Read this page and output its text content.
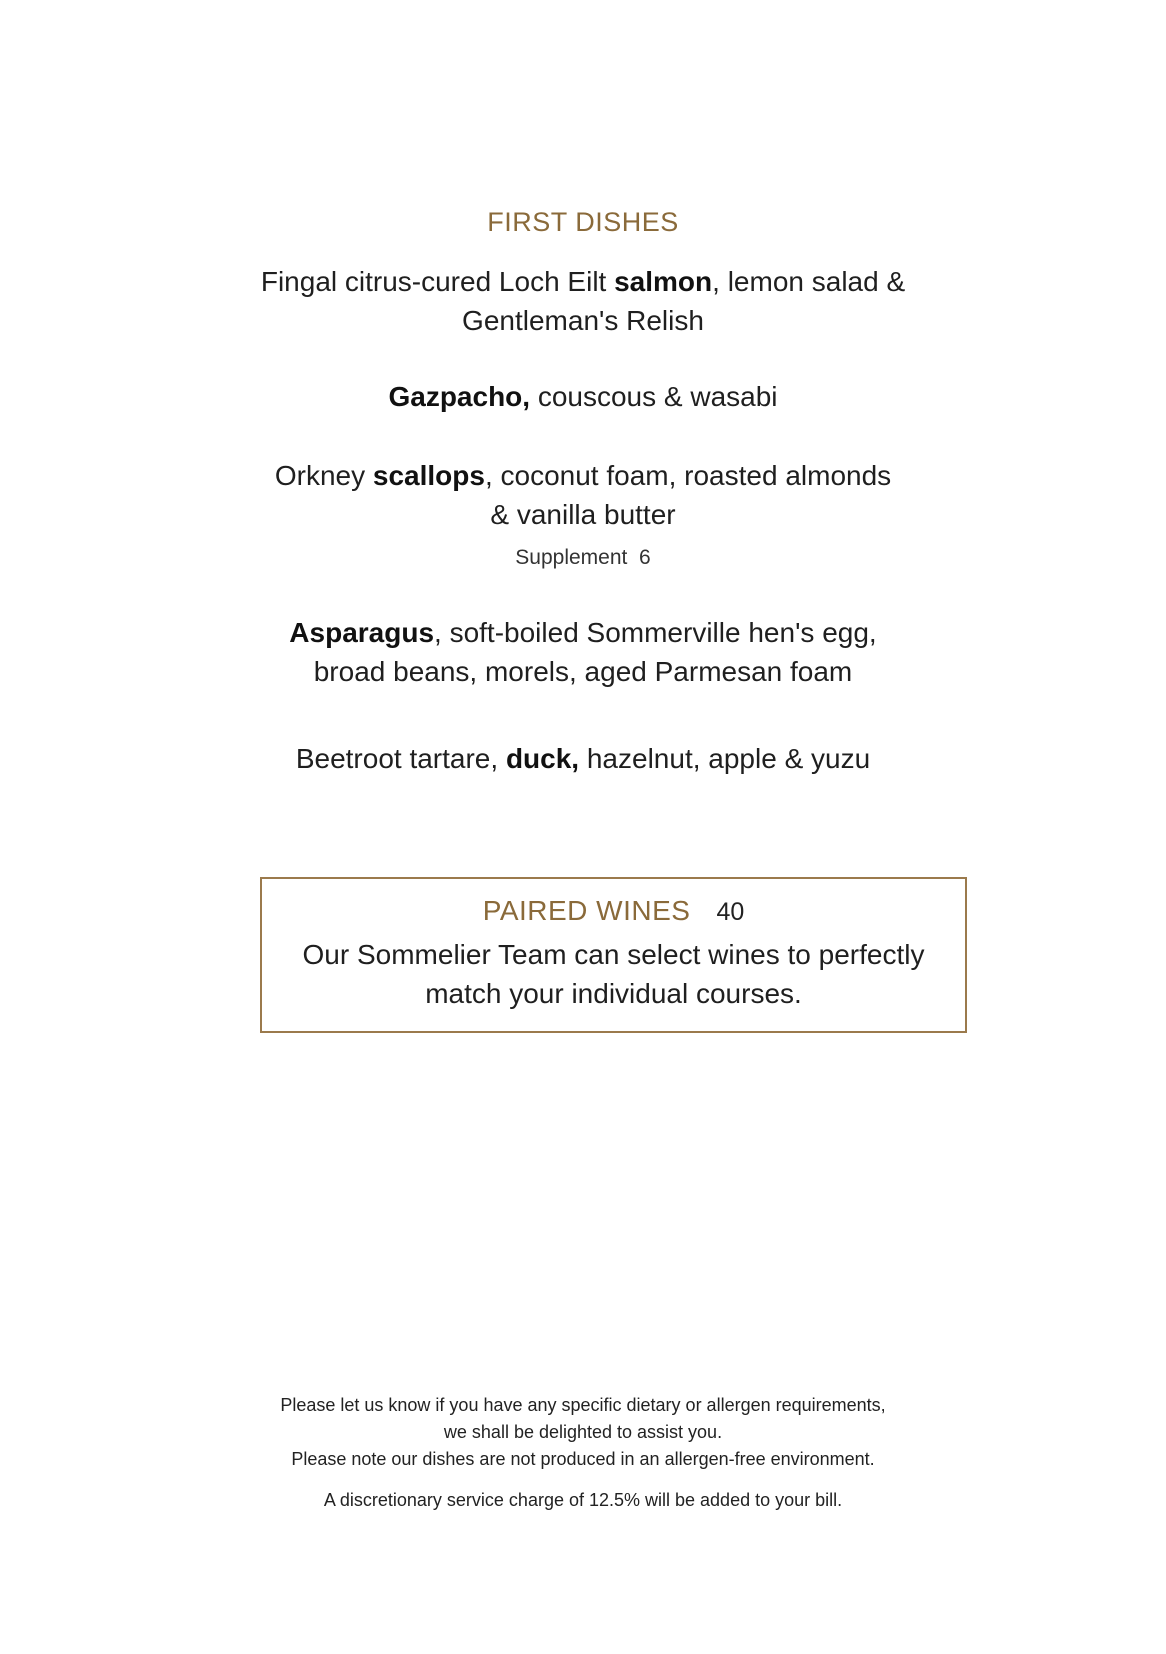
FIRST DISHES
Fingal citrus-cured Loch Eilt salmon, lemon salad &
Gentleman's Relish
Gazpacho, couscous & wasabi
Orkney scallops, coconut foam, roasted almonds
& vanilla butter
Supplement  6
Asparagus, soft-boiled Sommerville hen's egg,
broad beans, morels, aged Parmesan foam
Beetroot tartare, duck, hazelnut, apple & yuzu
PAIRED WINES 40
Our Sommelier Team can select wines to perfectly
match your individual courses.
Please let us know if you have any specific dietary or allergen requirements,
we shall be delighted to assist you.
Please note our dishes are not produced in an allergen-free environment.
A discretionary service charge of 12.5% will be added to your bill.
